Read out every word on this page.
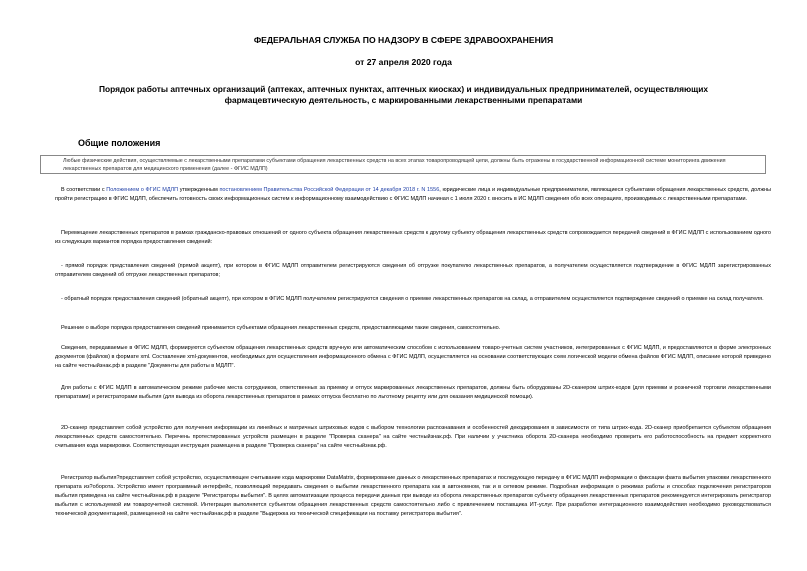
ФЕДЕРАЛЬНАЯ СЛУЖБА ПО НАДЗОРУ В СФЕРЕ ЗДРАВООХРАНЕНИЯ
от 27 апреля 2020 года
Порядок работы аптечных организаций (аптеках, аптечных пунктах, аптечных киосках) и индивидуальных предпринимателей, осуществляющих
фармацевтическую деятельность, с маркированными лекарственными препаратами
Общие положения
Любые физические действия, осуществляемые с лекарственными препаратами субъектами обращения лекарственных средств на всех этапах товаропроводящей цепи, должны быть отражены в государственной информационной системе мониторинга движения лекарственных препаратов для медицинского применения (далее - ФГИС МДЛП)
В соответствии с Положением о ФГИС МДЛП утвержденным постановлением Правительства Российской Федерации от 14 декабря 2018 г. N 1556, юридические лица и индивидуальные предприниматели, являющиеся субъектами обращения лекарственных средств, должны пройти регистрацию в ФГИС МДЛП, обеспечить готовность своих информационных систем к информационному взаимодействию с ФГИС МДЛП начиная с 1 июля 2020 г. вносить в ИС МДЛП сведения обо всех операциях, производимых с лекарственными препаратами.
Перемещение лекарственных препаратов в рамках гражданско-правовых отношений от одного субъекта обращения лекарственных средств к другому субъекту обращения лекарственных средств сопровождается передачей сведений в ФГИС МДЛП с использованием одного из следующих вариантов порядка предоставления сведений:
- прямой порядок представления сведений (прямой акцепт), при котором в ФГИС МДЛП отправителем регистрируются сведения об отгрузке покупателю лекарственных препаратов, а получателем осуществляется подтверждение в ФГИС МДЛП зарегистрированных отправителем сведений об отгрузке лекарственных препаратов;
- обратный порядок предоставления сведений (обратный акцепт), при котором в ФГИС МДЛП получателем регистрируются сведения о приемке лекарственных препаратов на склад, а отправителем осуществляется подтверждение сведений о приемке на склад получателя.
Решение о выборе порядка предоставления сведений принимается субъектами обращения лекарственных средств, предоставляющими такие сведения, самостоятельно.
Сведения, передаваемые в ФГИС МДЛП, формируются субъектом обращения лекарственных средств вручную или автоматическим способом с использованием товаро-учетных систем участников, интегрированных с ФГИС МДЛП, и предоставляются в форме электронных документов (файлов) в формате xml. Составление xml-документов, необходимых для осуществления информационного обмена с ФГИС МДЛП, осуществляется на основании соответствующих схем логической модели обмена файлов ФГИС МДЛП, описание которой приведено на сайте честныйзнак.рф в разделе "Документы для работы в МДЛП".
Для работы с ФГИС МДЛП в автоматическом режиме рабочие места сотрудников, ответственных за приемку и отпуск маркированных лекарственных препаратов, должны быть оборудованы 2D-сканером штрих-кодов (для приемки и розничной торговли лекарственными препаратами) и регистраторами выбытия (для вывода из оборота лекарственных препаратов в рамках отпуска бесплатно по льготному рецепту или для оказания медицинской помощи).
2D-сканер представляет собой устройство для получения информации из линейных и матричных штриховых кодов с выбором технологии распознавания и особенностей декодирования в зависимости от типа штрих-кода. 2D-сканер приобретается субъектом обращения лекарственных средств самостоятельно. Перечень протестированных устройств размещен в разделе "Проверка сканера" на сайте честныйзнак.рф. При наличии у участника оборота 2D-сканера необходимо проверить его работоспособность на предмет корректного считывания кода маркировки. Соответствующая инструкция размещена в разделе "Проверка сканера" на сайте честныйзнак.рф.
Регистратор выбытия?представляет собой устройство, осуществляющее считывание кода маркировки DataMatrix, формирование данных о лекарственных препаратах и последующую передачу в ФГИС МДЛП информации о фиксации факта выбытия упаковки лекарственного препарата из?оборота. Устройство имеет программный интерфейс, позволяющий передавать сведения о выбытии лекарственного препарата как в автономном, так и в сетевом режиме. Подробная информация о режимах работы и способах подключения регистраторов выбытия приведена на сайте честныйзнак.рф в разделе "Регистраторы выбытия". В целях автоматизации процесса передачи данных при выводе из оборота лекарственных препаратов субъекту обращения лекарственных препаратов рекомендуется интегрировать регистратор выбытия с используемой им товароучетной системой. Интеграция выполняется субъектом обращения лекарственных средств самостоятельно либо с привлечением поставщика ИТ-услуг. При разработке интеграционного взаимодействия необходимо руководствоваться технической документацией, размещенной на сайте честныйзнак.рф в разделе "Выдержка из технической спецификации на поставку регистратора выбытия".
